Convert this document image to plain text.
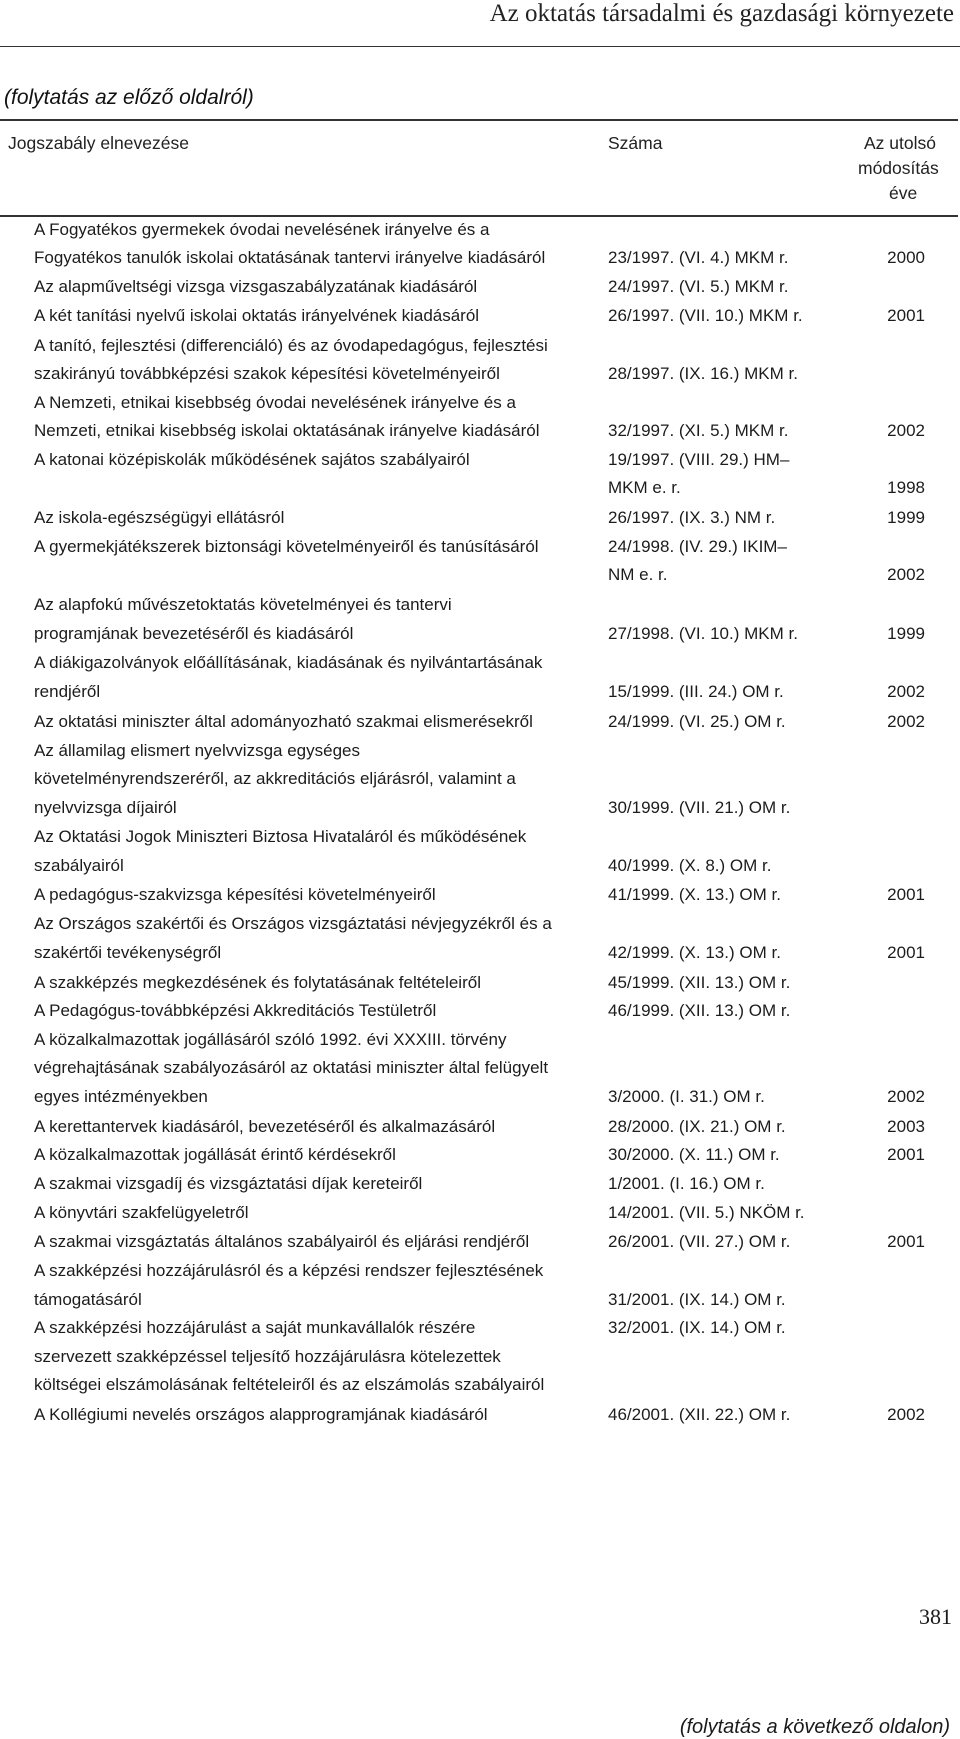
Az oktatás társadalmi és gazdasági környezete
(folytatás az előző oldalról)
Jogszabály elnevezése	Száma	Az utolsó
módosítás
éve
A Fogyatékos gyermekek óvodai nevelésének irányelve és a
Fogyatékos tanulók iskolai oktatásának tantervi irányelve kiadásáról	23/1997. (VI. 4.) MKM r.	2000
Az alapműveltségi vizsga vizsgaszabályzatának kiadásáról	24/1997. (VI. 5.) MKM r.
A két tanítási nyelvű iskolai oktatás irányelvének kiadásáról	26/1997. (VII. 10.) MKM r.	2001
A tanító, fejlesztési (differenciáló) és az óvodapedagógus, fejlesztési
szakirányú továbbképzési szakok képesítési követelményeiről	28/1997. (IX. 16.) MKM r.
A Nemzeti, etnikai kisebbség óvodai nevelésének irányelve és a
Nemzeti, etnikai kisebbség iskolai oktatásának irányelve kiadásáról	32/1997. (XI. 5.) MKM r.	2002
A katonai középiskolák működésének sajátos szabályairól	19/1997. (VIII. 29.) HM–
MKM e. r.	1998
Az iskola-egészségügyi ellátásról	26/1997. (IX. 3.) NM r.	1999
A gyermekjátékszerek biztonsági követelményeiről és tanúsításáról	24/1998. (IV. 29.) IKIM–
NM e. r.	2002
Az alapfokú művészetoktatás követelményei és tantervi
programjának bevezetéséről és kiadásáról	27/1998. (VI. 10.) MKM r.	1999
A diákigazolványok előállításának, kiadásának és nyilvántartásának
rendjéről	15/1999. (III. 24.) OM r.	2002
Az oktatási miniszter által adományozható szakmai elismerésekről	24/1999. (VI. 25.) OM r.	2002
Az államilag elismert nyelvvizsga egységes
követelményrendszeréről, az akkreditációs eljárásról, valamint a
nyelvvizsga díjairól	30/1999. (VII. 21.) OM r.
Az Oktatási Jogok Miniszteri Biztosa Hivataláról és működésének
szabályairól	40/1999. (X. 8.) OM r.
A pedagógus-szakvizsga képesítési követelményeiről	41/1999. (X. 13.) OM r.	2001
Az Országos szakértői és Országos vizsgáztatási névjegyzékről és a
szakértői tevékenységről	42/1999. (X. 13.) OM r.	2001
A szakképzés megkezdésének és folytatásának feltételeiről	45/1999. (XII. 13.) OM r.
A Pedagógus-továbbképzési Akkreditációs Testületről	46/1999. (XII. 13.) OM r.
A közalkalmazottak jogállásáról szóló 1992. évi XXXIII. törvény
végrehajtásának szabályozásáról az oktatási miniszter által felügyelt
egyes intézményekben	3/2000. (I. 31.) OM r.	2002
A kerettantervek kiadásáról, bevezetéséről és alkalmazásáról	28/2000. (IX. 21.) OM r.	2003
A közalkalmazottak jogállását érintő kérdésekről	30/2000. (X. 11.) OM r.	2001
A szakmai vizsgadíj és vizsgáztatási díjak kereteiről	1/2001. (I. 16.) OM r.
A könyvtári szakfelügyeletről	14/2001. (VII. 5.) NKÖM r.
A szakmai vizsgáztatás általános szabályairól és eljárási rendjéről	26/2001. (VII. 27.) OM r.	2001
A szakképzési hozzájárulásról és a képzési rendszer fejlesztésének
támogatásáról	31/2001. (IX. 14.) OM r.
A szakképzési hozzájárulást a saját munkavállalók részére	32/2001. (IX. 14.) OM r.
szervezett szakképzéssel teljesítő hozzájárulásra kötelezettek
költségei elszámolásának feltételeiről és az elszámolás szabályairól
A Kollégiumi nevelés országos alapprogramjának kiadásáról	46/2001. (XII. 22.) OM r.	2002
(folytatás a következő oldalon)
381
